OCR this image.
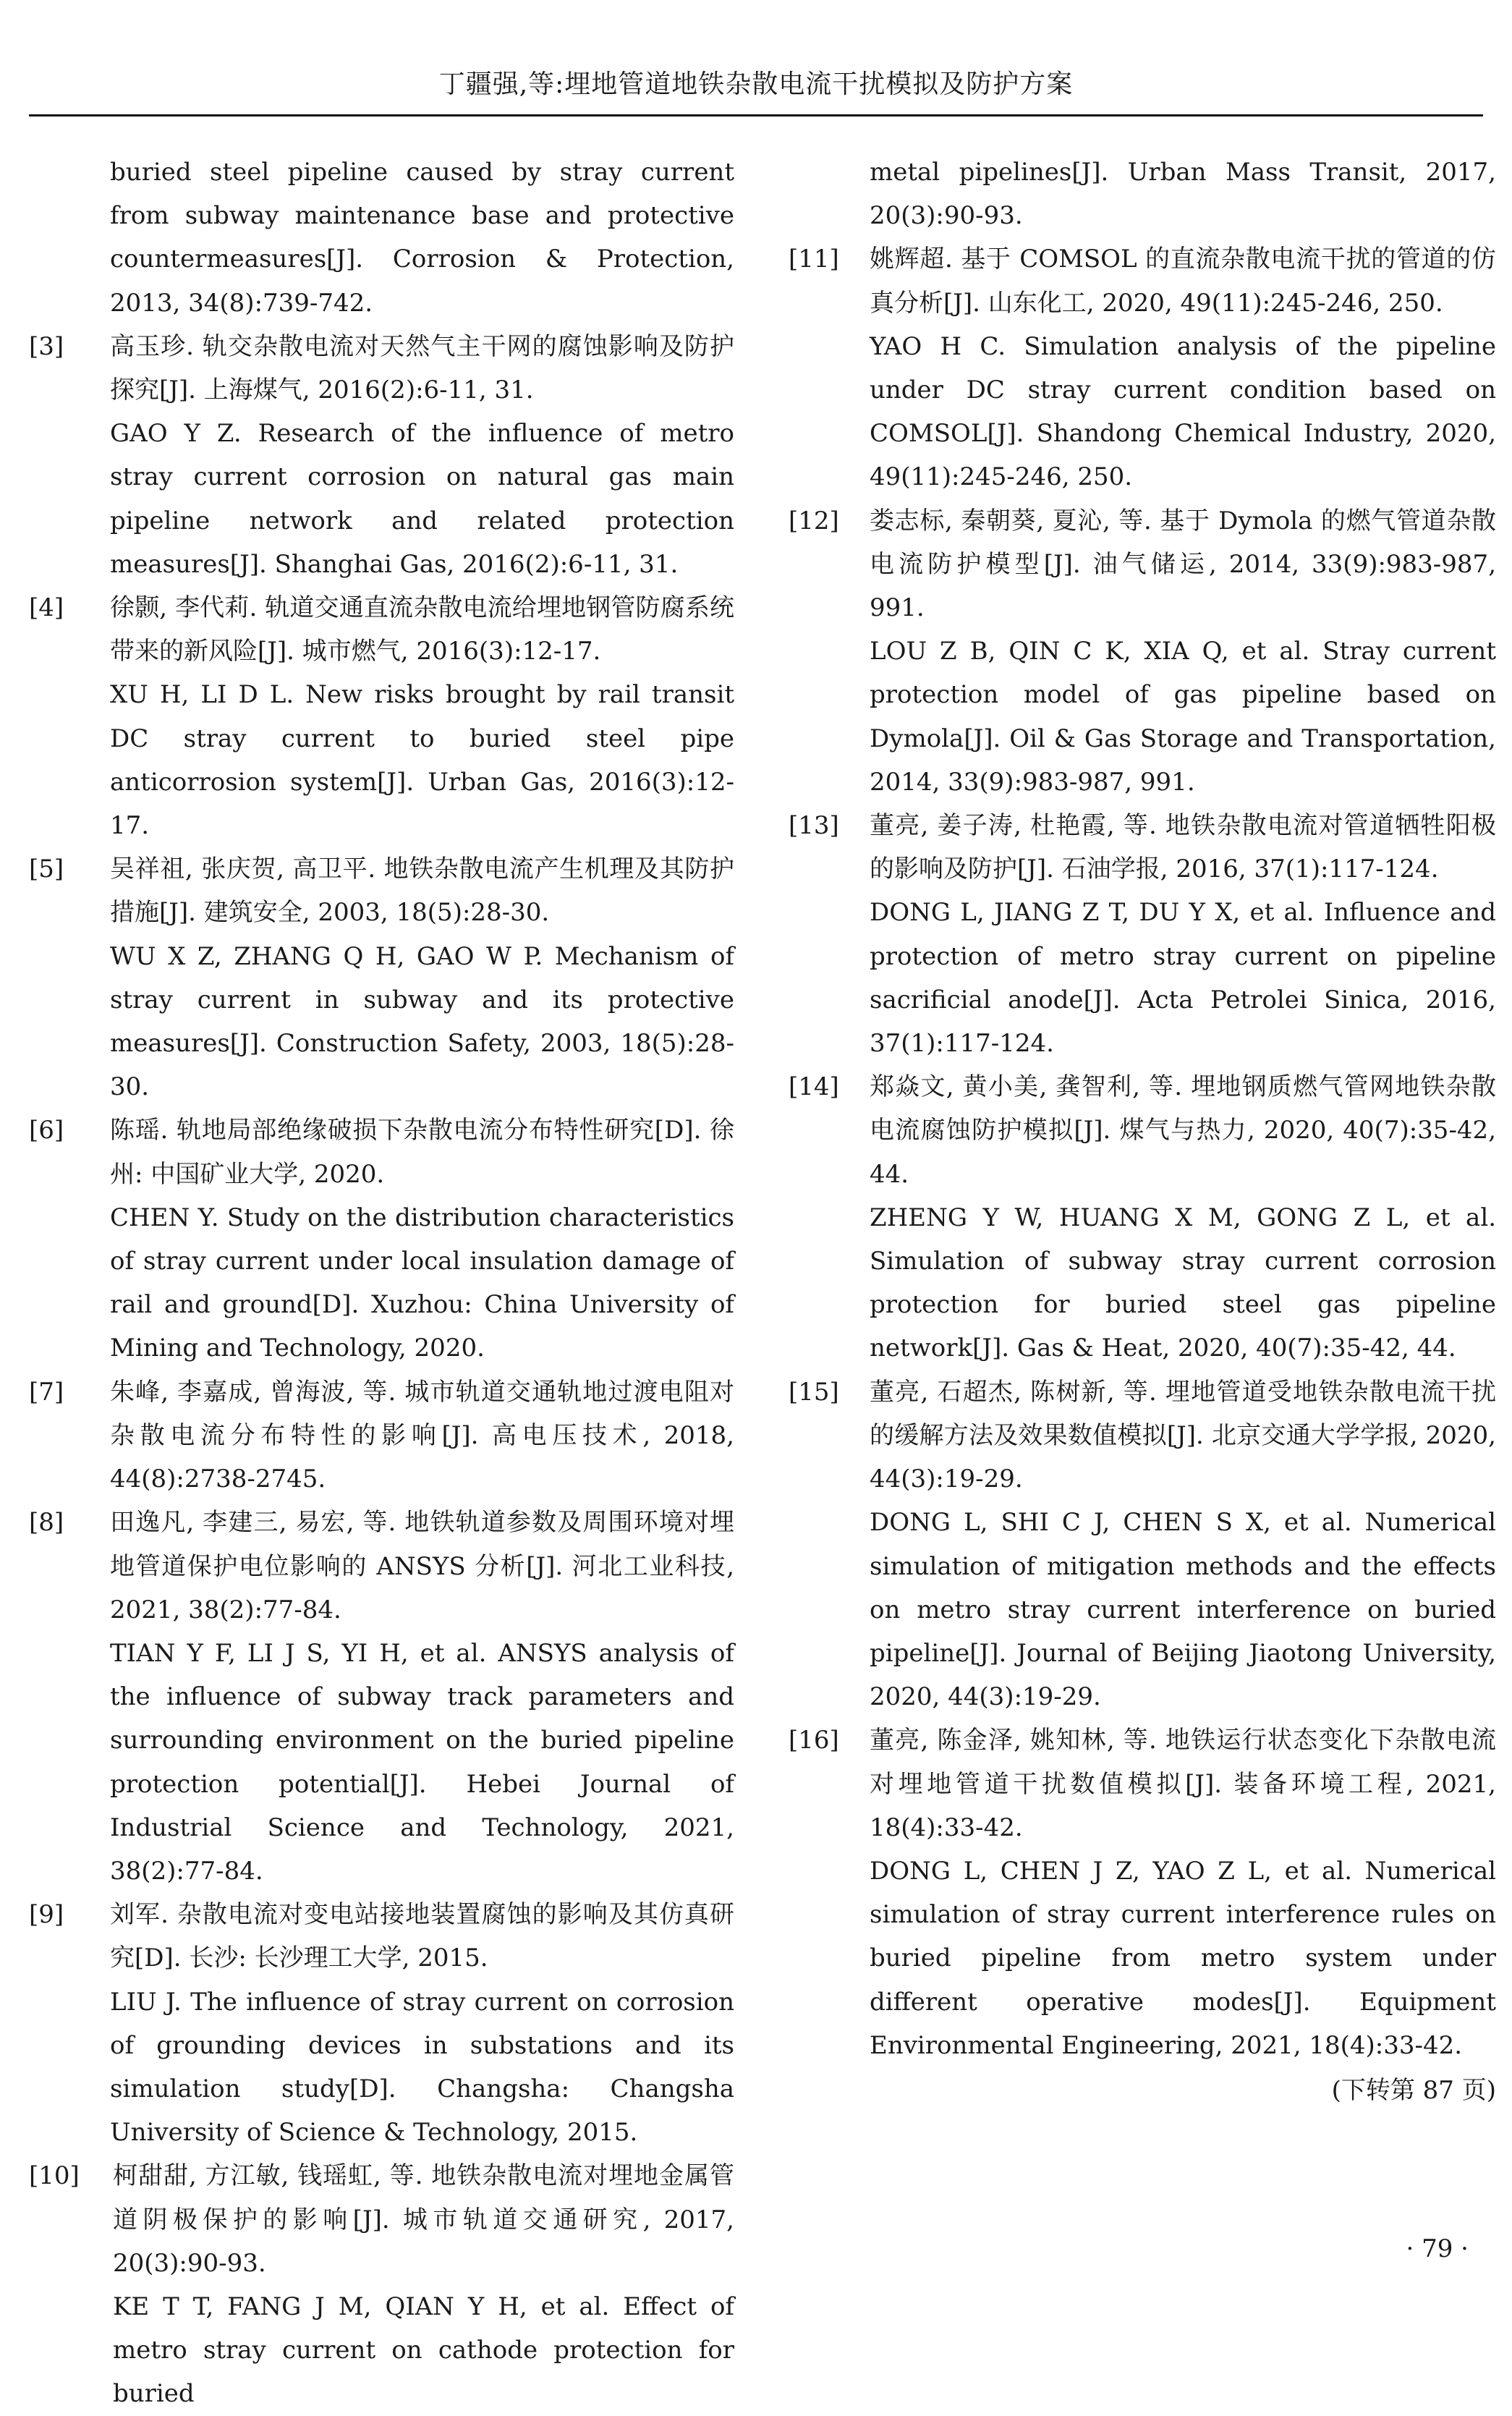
丁疆强,等:埋地管道地铁杂散电流干扰模拟及防护方案

buried steel pipeline caused by stray current from subway maintenance base and protective countermeasures[J]. Corrosion & Protection, 2013, 34(8):739-742.

[3]	高玉珍. 轨交杂散电流对天然气主干网的腐蚀影响及防护探究[J]. 上海煤气, 2016(2):6-11, 31.

GAO Y Z. Research of the influence of metro stray current corrosion on natural gas main pipeline network and related protection measures[J]. Shanghai Gas, 2016(2):6-11, 31.

[4]	徐颢, 李代莉. 轨道交通直流杂散电流给埋地钢管防腐系统带来的新风险[J]. 城市燃气, 2016(3):12-17.

XU H, LI D L. New risks brought by rail transit DC stray current to buried steel pipe anticorrosion system[J]. Urban Gas, 2016(3):12-17.

[5]	吴祥祖, 张庆贺, 高卫平. 地铁杂散电流产生机理及其防护措施[J]. 建筑安全, 2003, 18(5):28-30.

WU X Z, ZHANG Q H, GAO W P. Mechanism of stray current in subway and its protective measures[J]. Construction Safety, 2003, 18(5):28-30.

[6]	陈瑶. 轨地局部绝缘破损下杂散电流分布特性研究[D]. 徐州: 中国矿业大学, 2020.

CHEN Y. Study on the distribution characteristics of stray current under local insulation damage of rail and ground[D]. Xuzhou: China University of Mining and Technology, 2020.

[7]	朱峰, 李嘉成, 曾海波, 等. 城市轨道交通轨地过渡电阻对杂散电流分布特性的影响[J]. 高电压技术, 2018, 44(8):2738-2745.

[8]	田逸凡, 李建三, 易宏, 等. 地铁轨道参数及周围环境对埋地管道保护电位影响的 ANSYS 分析[J]. 河北工业科技, 2021, 38(2):77-84.

TIAN Y F, LI J S, YI H, et al. ANSYS analysis of the influence of subway track parameters and surrounding environment on the buried pipeline protection potential[J]. Hebei Journal of Industrial Science and Technology, 2021, 38(2):77-84.

[9]	刘军. 杂散电流对变电站接地装置腐蚀的影响及其仿真研究[D]. 长沙: 长沙理工大学, 2015.

LIU J. The influence of stray current on corrosion of grounding devices in substations and its simulation study[D]. Changsha: Changsha University of Science & Technology, 2015.

[10]	柯甜甜, 方江敏, 钱瑶虹, 等. 地铁杂散电流对埋地金属管道阴极保护的影响[J]. 城市轨道交通研究, 2017, 20(3):90-93.

KE T T, FANG J M, QIAN Y H, et al. Effect of metro stray current on cathode protection for buried

metal pipelines[J]. Urban Mass Transit, 2017, 20(3):90-93.

[11]	姚辉超. 基于 COMSOL 的直流杂散电流干扰的管道的仿真分析[J]. 山东化工, 2020, 49(11):245-246, 250.

YAO H C. Simulation analysis of the pipeline under DC stray current condition based on COMSOL[J]. Shandong Chemical Industry, 2020, 49(11):245-246, 250.

[12]	娄志标, 秦朝葵, 夏沁, 等. 基于 Dymola 的燃气管道杂散电流防护模型[J]. 油气储运, 2014, 33(9):983-987, 991.

LOU Z B, QIN C K, XIA Q, et al. Stray current protection model of gas pipeline based on Dymola[J]. Oil & Gas Storage and Transportation, 2014, 33(9):983-987, 991.

[13]	董亮, 姜子涛, 杜艳霞, 等. 地铁杂散电流对管道牺牲阳极的影响及防护[J]. 石油学报, 2016, 37(1):117-124.

DONG L, JIANG Z T, DU Y X, et al. Influence and protection of metro stray current on pipeline sacrificial anode[J]. Acta Petrolei Sinica, 2016, 37(1):117-124.

[14]	郑焱文, 黄小美, 龚智利, 等. 埋地钢质燃气管网地铁杂散电流腐蚀防护模拟[J]. 煤气与热力, 2020, 40(7):35-42, 44.

ZHENG Y W, HUANG X M, GONG Z L, et al. Simulation of subway stray current corrosion protection for buried steel gas pipeline network[J]. Gas & Heat, 2020, 40(7):35-42, 44.

[15]	董亮, 石超杰, 陈树新, 等. 埋地管道受地铁杂散电流干扰的缓解方法及效果数值模拟[J]. 北京交通大学学报, 2020, 44(3):19-29.

DONG L, SHI C J, CHEN S X, et al. Numerical simulation of mitigation methods and the effects on metro stray current interference on buried pipeline[J]. Journal of Beijing Jiaotong University, 2020, 44(3):19-29.

[16]	董亮, 陈金泽, 姚知林, 等. 地铁运行状态变化下杂散电流对埋地管道干扰数值模拟[J]. 装备环境工程, 2021, 18(4):33-42.

DONG L, CHEN J Z, YAO Z L, et al. Numerical simulation of stray current interference rules on buried pipeline from metro system under different operative modes[J]. Equipment Environmental Engineering, 2021, 18(4):33-42.

(下转第 87 页)
· 79 ·
